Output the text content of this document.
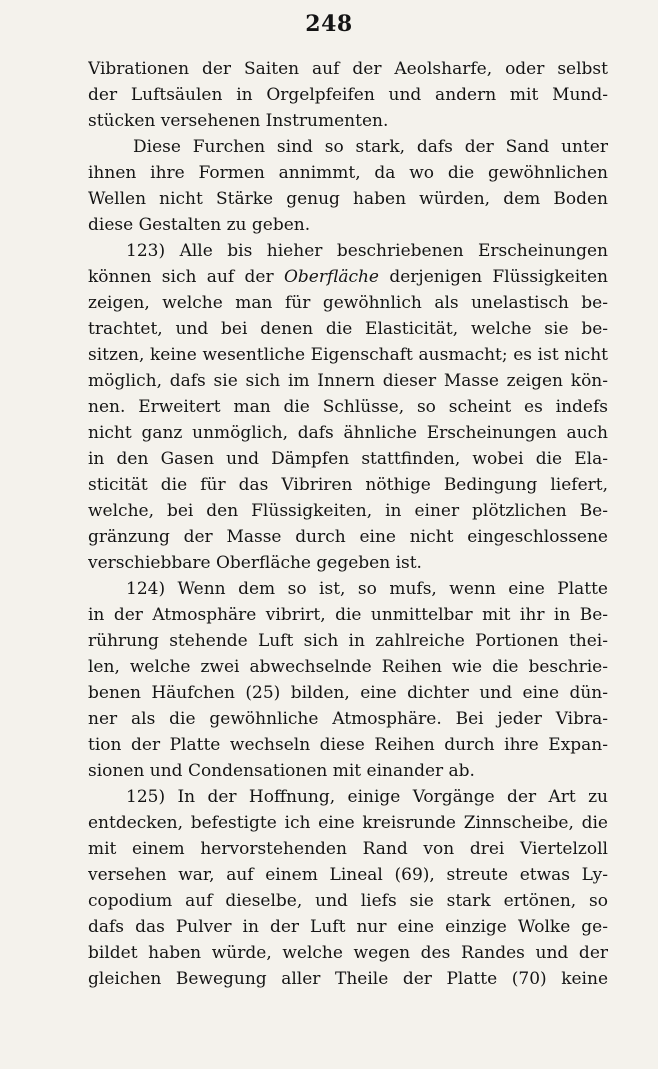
248
Vibrationen der Saiten auf der Aeolsharfe, oder selbst
der Luftsäulen in Orgelpfeifen und andern mit Mund-
stücken versehenen Instrumenten.
Diese Furchen sind so stark, dafs der Sand unter
ihnen ihre Formen annimmt, da wo die gewöhnlichen
Wellen nicht Stärke genug haben würden, dem Boden
diese Gestalten zu geben.
123) Alle bis hieher beschriebenen Erscheinungen
können sich auf der Oberfläche derjenigen Flüssigkeiten
zeigen, welche man für gewöhnlich als unelastisch be-
trachtet, und bei denen die Elasticität, welche sie be-
sitzen, keine wesentliche Eigenschaft ausmacht; es ist nicht
möglich, dafs sie sich im Innern dieser Masse zeigen kön-
nen. Erweitert man die Schlüsse, so scheint es indefs
nicht ganz unmöglich, dafs ähnliche Erscheinungen auch
in den Gasen und Dämpfen stattfinden, wobei die Ela-
sticität die für das Vibriren nöthige Bedingung liefert,
welche, bei den Flüssigkeiten, in einer plötzlichen Be-
gränzung der Masse durch eine nicht eingeschlossene
verschiebbare Oberfläche gegeben ist.
124) Wenn dem so ist, so mufs, wenn eine Platte
in der Atmosphäre vibrirt, die unmittelbar mit ihr in Be-
rührung stehende Luft sich in zahlreiche Portionen thei-
len, welche zwei abwechselnde Reihen wie die beschrie-
benen Häufchen (25) bilden, eine dichter und eine dün-
ner als die gewöhnliche Atmosphäre. Bei jeder Vibra-
tion der Platte wechseln diese Reihen durch ihre Expan-
sionen und Condensationen mit einander ab.
125) In der Hoffnung, einige Vorgänge der Art zu
entdecken, befestigte ich eine kreisrunde Zinnscheibe, die
mit einem hervorstehenden Rand von drei Viertelzoll
versehen war, auf einem Lineal (69), streute etwas Ly-
copodium auf dieselbe, und liefs sie stark ertönen, so
dafs das Pulver in der Luft nur eine einzige Wolke ge-
bildet haben würde, welche wegen des Randes und der
gleichen Bewegung aller Theile der Platte (70) keine
